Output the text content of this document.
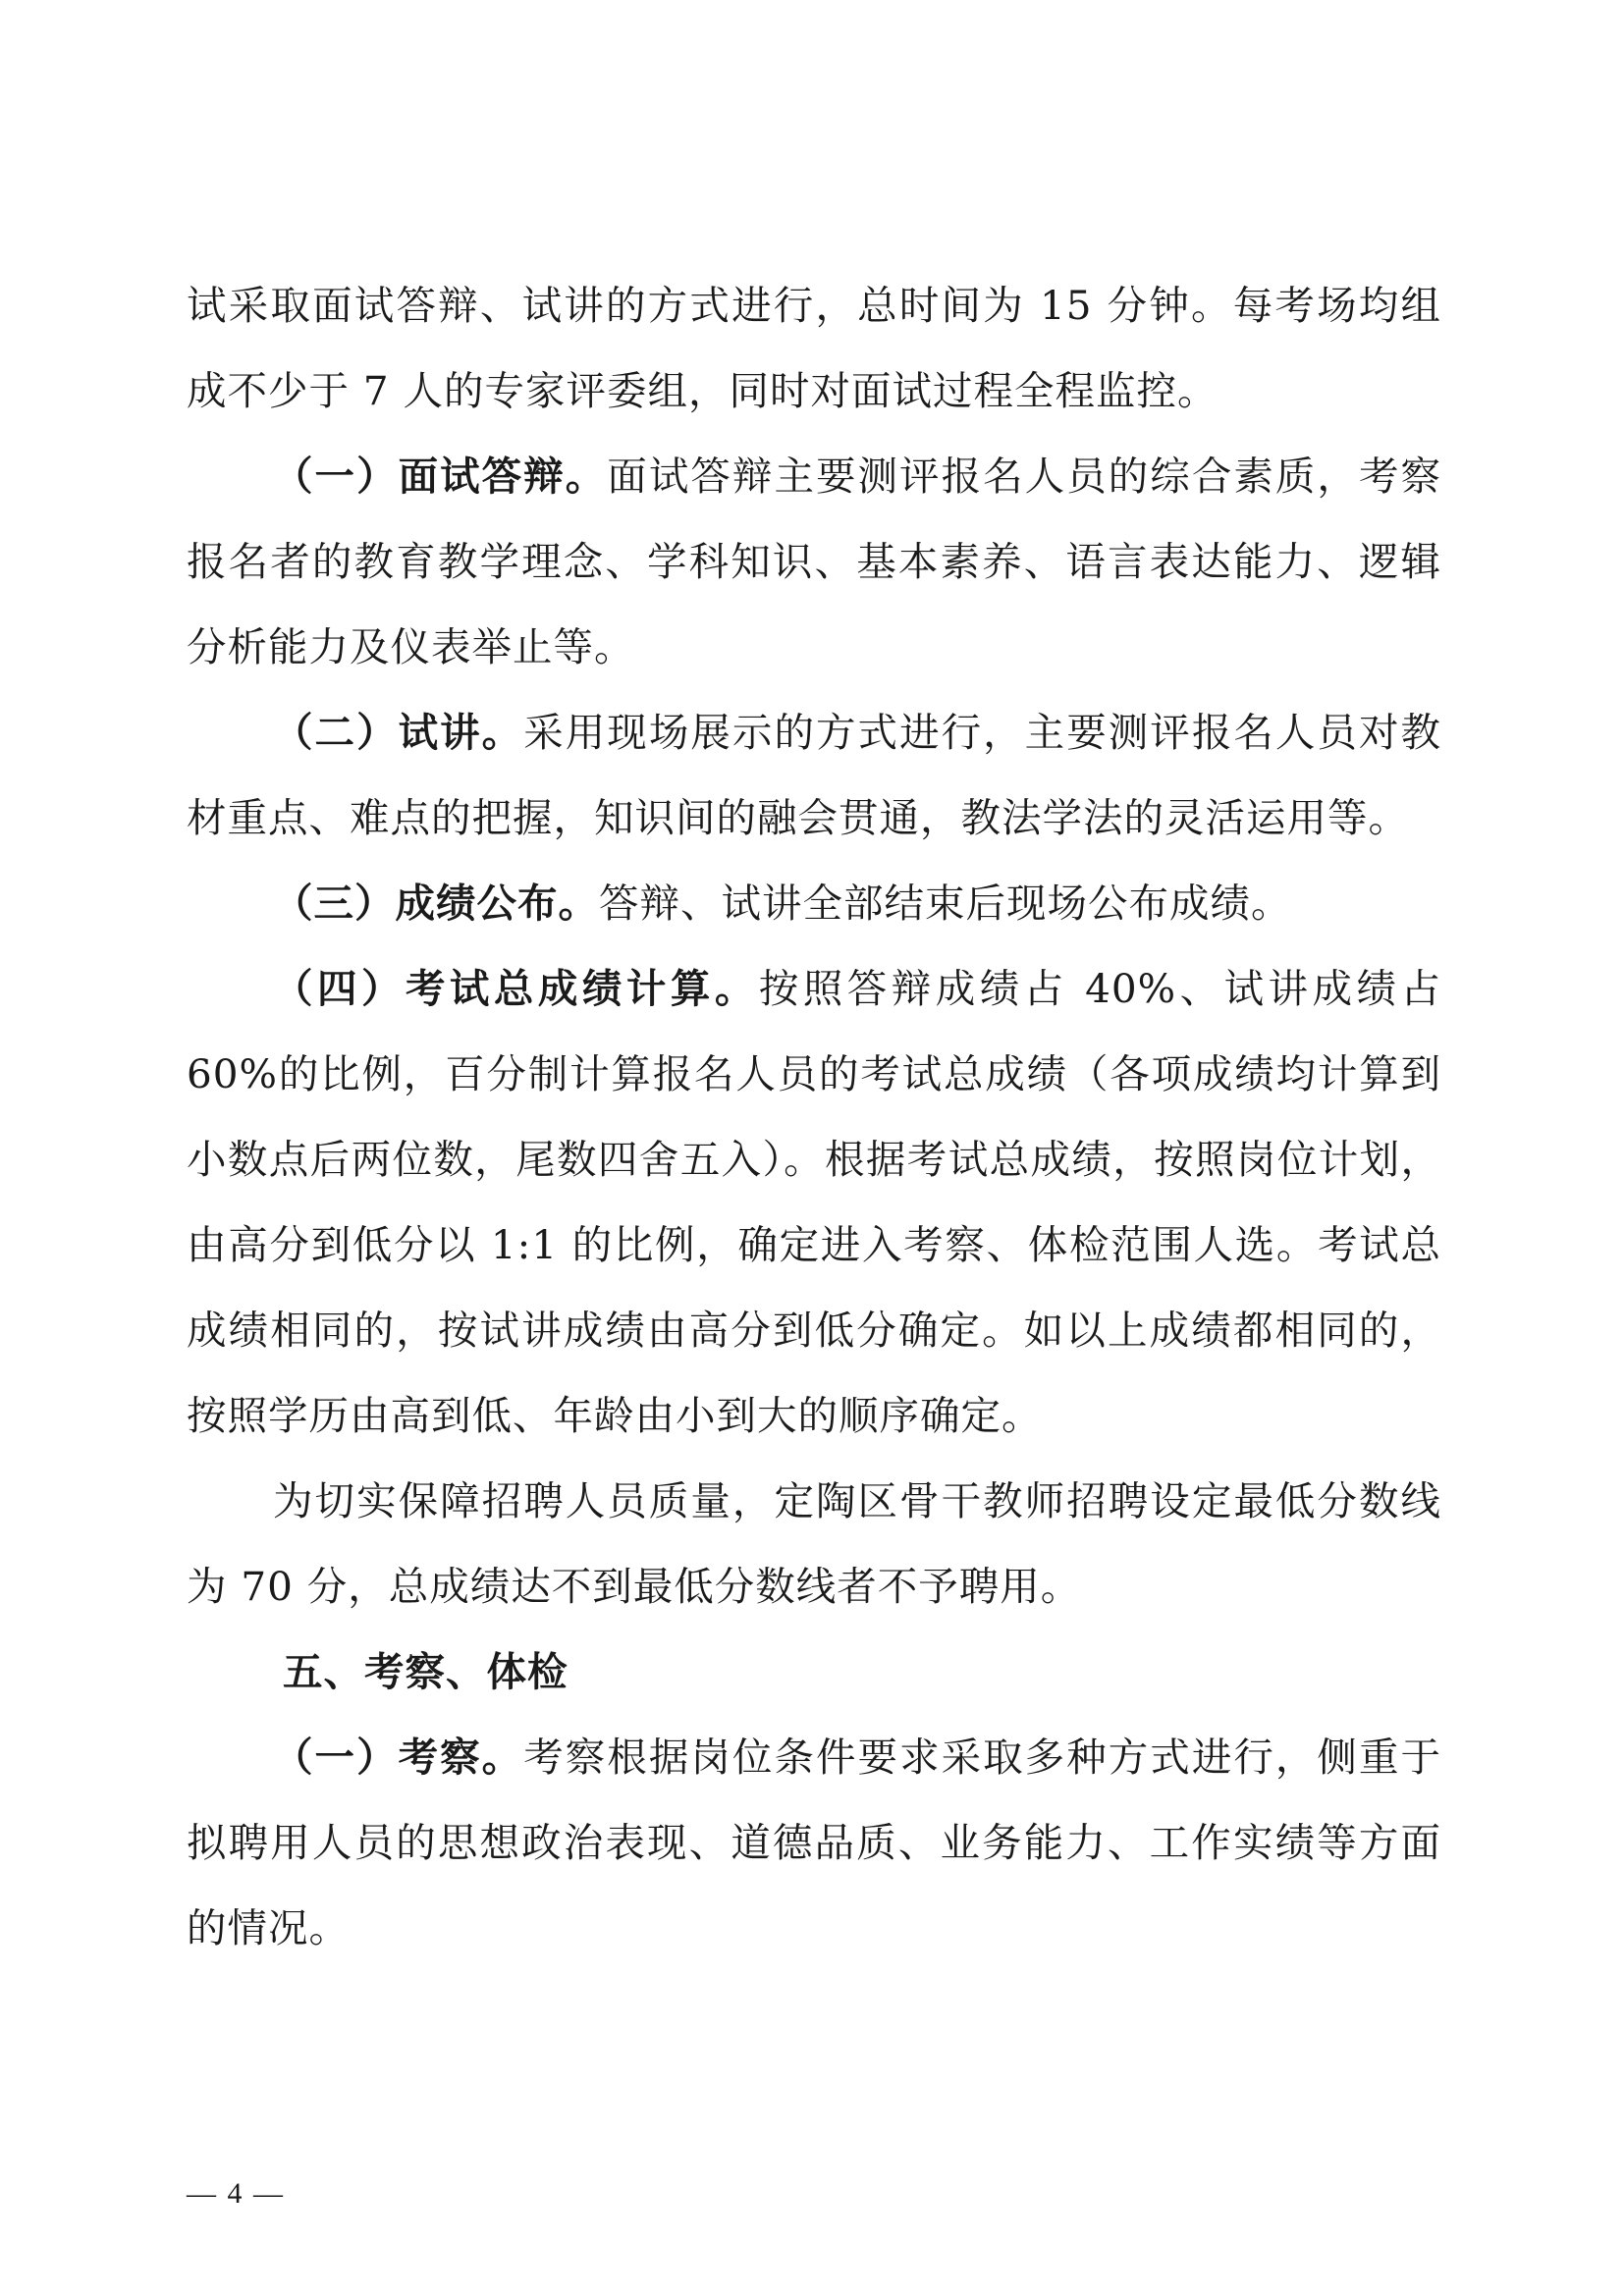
试采取面试答辩、试讲的方式进行，总时间为 15 分钟。每考场均组成不少于 7 人的专家评委组，同时对面试过程全程监控。

（一）面试答辩。面试答辩主要测评报名人员的综合素质，考察报名者的教育教学理念、学科知识、基本素养、语言表达能力、逻辑分析能力及仪表举止等。

（二）试讲。采用现场展示的方式进行，主要测评报名人员对教材重点、难点的把握，知识间的融会贯通，教法学法的灵活运用等。

（三）成绩公布。答辩、试讲全部结束后现场公布成绩。

（四）考试总成绩计算。按照答辩成绩占 40%、试讲成绩占 60%的比例，百分制计算报名人员的考试总成绩（各项成绩均计算到小数点后两位数，尾数四舍五入）。根据考试总成绩，按照岗位计划，由高分到低分以 1:1 的比例，确定进入考察、体检范围人选。考试总成绩相同的，按试讲成绩由高分到低分确定。如以上成绩都相同的，按照学历由高到低、年龄由小到大的顺序确定。

为切实保障招聘人员质量，定陶区骨干教师招聘设定最低分数线为 70 分，总成绩达不到最低分数线者不予聘用。

五、考察、体检

（一）考察。考察根据岗位条件要求采取多种方式进行，侧重于拟聘用人员的思想政治表现、道德品质、业务能力、工作实绩等方面的情况。

— 4 —
